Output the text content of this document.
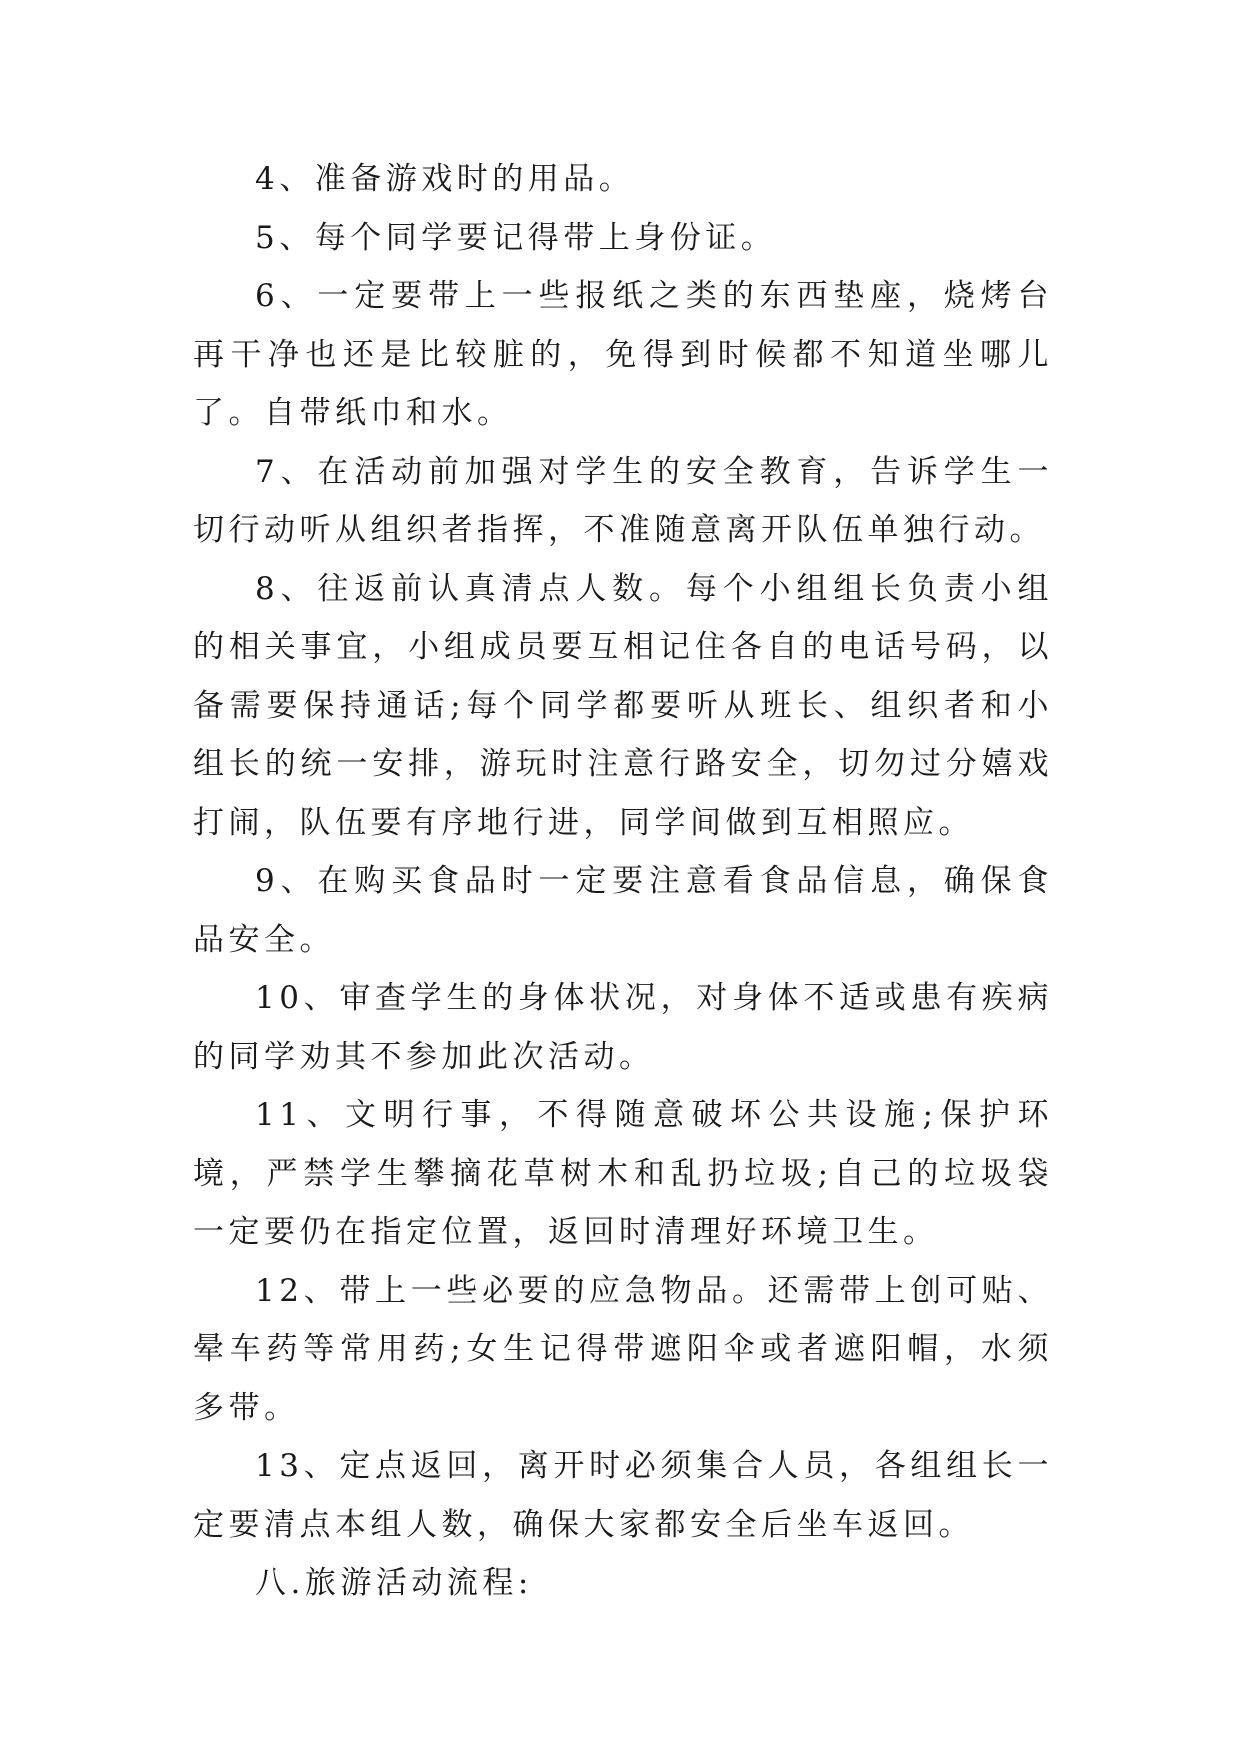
4、准备游戏时的用品。

5、每个同学要记得带上身份证。

6、一定要带上一些报纸之类的东西垫座，烧烤台再干净也还是比较脏的，免得到时候都不知道坐哪儿了。自带纸巾和水。

7、在活动前加强对学生的安全教育，告诉学生一切行动听从组织者指挥，不准随意离开队伍单独行动。

8、往返前认真清点人数。每个小组组长负责小组的相关事宜，小组成员要互相记住各自的电话号码，以备需要保持通话;每个同学都要听从班长、组织者和小组长的统一安排，游玩时注意行路安全，切勿过分嬉戏打闹，队伍要有序地行进，同学间做到互相照应。

9、在购买食品时一定要注意看食品信息，确保食品安全。

10、审查学生的身体状况，对身体不适或患有疾病的同学劝其不参加此次活动。

11、文明行事，不得随意破坏公共设施;保护环境，严禁学生攀摘花草树木和乱扔垃圾;自己的垃圾袋一定要仍在指定位置，返回时清理好环境卫生。

12、带上一些必要的应急物品。还需带上创可贴、晕车药等常用药;女生记得带遮阳伞或者遮阳帽，水须多带。

13、定点返回，离开时必须集合人员，各组组长一定要清点本组人数，确保大家都安全后坐车返回。

八.旅游活动流程:
